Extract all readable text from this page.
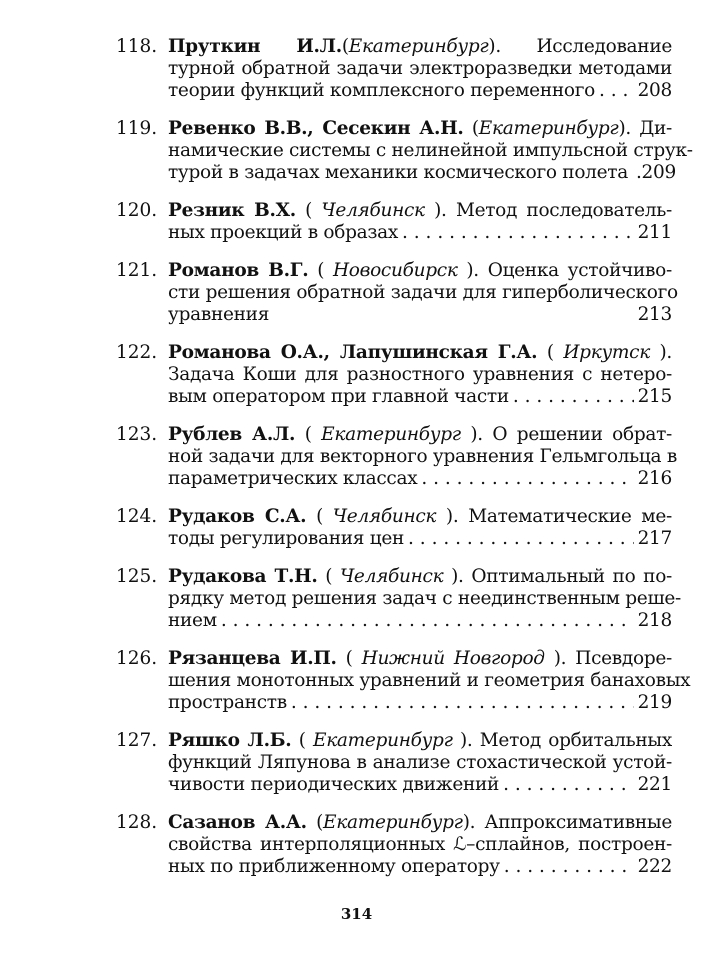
118. Пруткин И.Л.(Екатеринбург). Исследование
турной обратной задачи электроразведки методами
теории функций комплексного переменного . . . 208
119. Ревенко В.В., Сесекин А.Н. (Екатеринбург). Ди-
намические системы с нелинейной импульсной струк-
турой в задачах механики космического полета .209
120. Резник В.Х. ( Челябинск ). Метод последователь-
ных проекций в образах . . .	211
121. Романов В.Г. ( Новосибирск ). Оценка устойчиво-
сти решения обратной задачи для гиперболического
уравнения	213
122. Романова О.А., Лапушинская Г.А. ( Иркутск ).
Задача Коши для разностного уравнения с нетеро-
вым оператором при главной части . . .	215
123. Рублев А.Л. ( Екатеринбург ). О решении обрат-
ной задачи для векторного уравнения Гельмгольца в
параметрических классах . . .	216
124. Рудаков С.А. ( Челябинск ). Математические ме-
тоды регулирования цен . . .	217
125. Рудакова Т.Н. ( Челябинск ). Оптимальный по по-
рядку метод решения задач с неединственным реше-
нием . . .	218
126. Рязанцева И.П. ( Нижний Новгород ). Псевдоре-
шения монотонных уравнений и геометрия банаховых
пространств . . .	219
127. Ряшко Л.Б. ( Екатеринбург ). Метод орбитальных
функций Ляпунова в анализе стохастической устой-
чивости периодических движений . . .	221
128. Сазанов А.А. (Екатеринбург). Аппроксимативные
свойства интерполяционных ℒ–сплайнов, построен-
ных по приближенному оператору . . .	222
314
